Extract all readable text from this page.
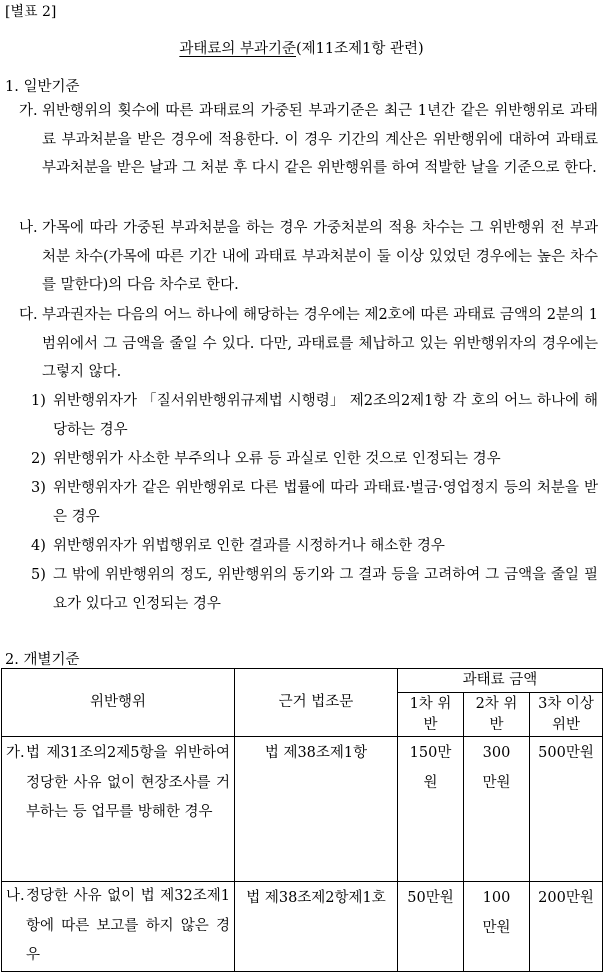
[별표 2]
과태료의 부과기준(제11조제1항 관련)
1. 일반기준
가. 위반행위의 횟수에 따른 과태료의 가중된 부과기준은 최근 1년간 같은 위반행위로 과태료 부과처분을 받은 경우에 적용한다. 이 경우 기간의 계산은 위반행위에 대하여 과태료 부과처분을 받은 날과 그 처분 후 다시 같은 위반행위를 하여 적발한 날을 기준으로 한다.
나. 가목에 따라 가중된 부과처분을 하는 경우 가중처분의 적용 차수는 그 위반행위 전 부과처분 차수(가목에 따른 기간 내에 과태료 부과처분이 둘 이상 있었던 경우에는 높은 차수를 말한다)의 다음 차수로 한다.
다. 부과권자는 다음의 어느 하나에 해당하는 경우에는 제2호에 따른 과태료 금액의 2분의 1 범위에서 그 금액을 줄일 수 있다. 다만, 과태료를 체납하고 있는 위반행위자의 경우에는 그렇지 않다.
1) 위반행위자가 「질서위반행위규제법 시행령」 제2조의2제1항 각 호의 어느 하나에 해당하는 경우
2) 위반행위가 사소한 부주의나 오류 등 과실로 인한 것으로 인정되는 경우
3) 위반행위자가 같은 위반행위로 다른 법률에 따라 과태료·벌금·영업정지 등의 처분을 받은 경우
4) 위반행위자가 위법행위로 인한 결과를 시정하거나 해소한 경우
5) 그 밖에 위반행위의 정도, 위반행위의 동기와 그 결과 등을 고려하여 그 금액을 줄일 필요가 있다고 인정되는 경우
2. 개별기준
위반행위	근거 법조문	과태료 금액		
		1차 위반	2차 위반	3차 이상 위반

가. 법 제31조의2제5항을 위반하여 정당한 사유 없이 현장조사를 거부하는 등 업무를 방해한 경우	법 제38조제1항	150만원	300만원	500만원

나. 정당한 사유 없이 법 제32조제1항에 따른 보고를 하지 않은 경우	법 제38조제2항제1호	50만원	100만원	200만원
